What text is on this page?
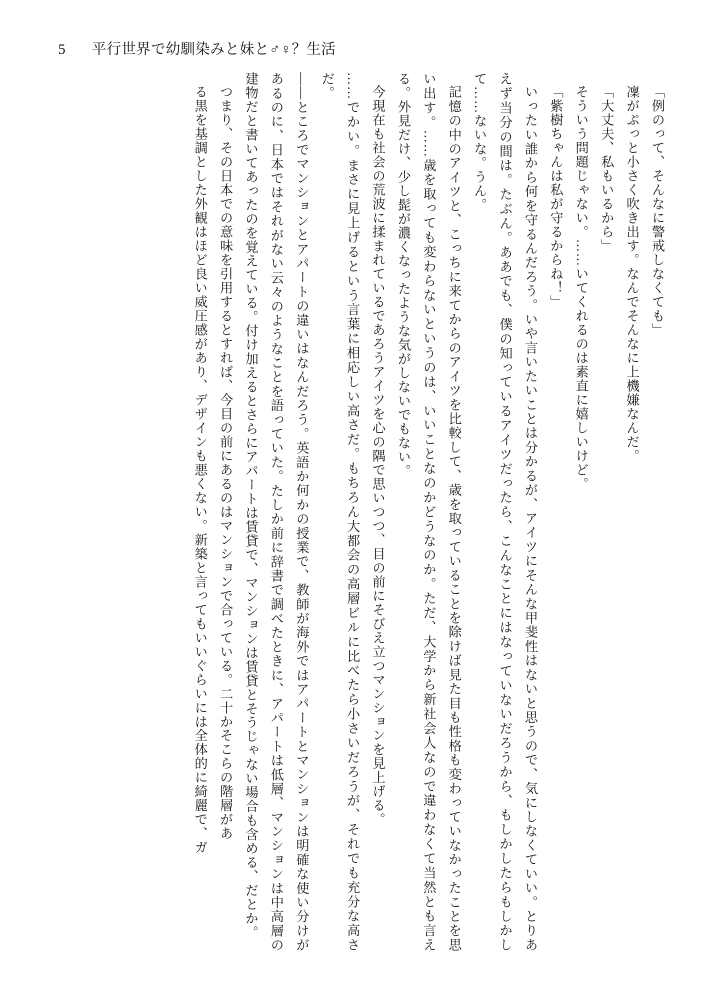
5 平行世界で幼馴染みと妹と♂♀？生活

「例のって、そんなに警戒しなくても」

凜がぷっと小さく吹き出す。なんでそんなに上機嫌なんだ。

「大丈夫、私もいるから」

そういう問題じゃない。……いてくれるのは素直に嬉しいけど。

「紫樹ちゃんは私が守るからね！」

いったい誰から何を守るんだろう。いや言いたいことは分かるが、アイツにそんな甲斐性はないと思うので、気にしなくていい。とりあえず当分の間は。たぶん。ああでも、僕の知っているアイツだったら、こんなことにはなっていないだろうから、もしかしたらもしかして……ないな。うん。

記憶の中のアイツと、こっちに来てからのアイツを比較して、歳を取っていることを除けば見た目も性格も変わっていなかったことを思い出す。……歳を取っても変わらないというのは、いいことなのかどうなのか。ただ、大学から新社会人なので違わなくて当然とも言える。外見だけ、少し髭が濃くなったような気がしないでもない。

今現在も社会の荒波に揉まれているであろうアイツを心の隅で思いつつ、目の前にそびえ立つマンションを見上げる。

……でかい。まさに見上げるという言葉に相応しい高さだ。もちろん大都会の高層ビルに比べたら小さいだろうが、それでも充分な高さだ。

——ところでマンションとアパートの違いはなんだろう。英語か何かの授業で、教師が海外ではアパートとマンションは明確な使い分けがあるのに、日本ではそれがない云々のようなことを語っていた。たしか前に辞書で調べたときに、アパートは低層、マンションは中高層の建物だと書いてあったのを覚えている。付け加えるとさらにアパートは賃貸で、マンションは賃貸とそうじゃない場合も含める、だとか。

つまり、その日本での意味を引用するとすれば、今目の前にあるのはマンションで合っている。二十かそこらの階層があ

る黒を基調とした外観はほど良い威圧感があり、デザインも悪くない。新築と言ってもいいぐらいには全体的に綺麗で、ガ
